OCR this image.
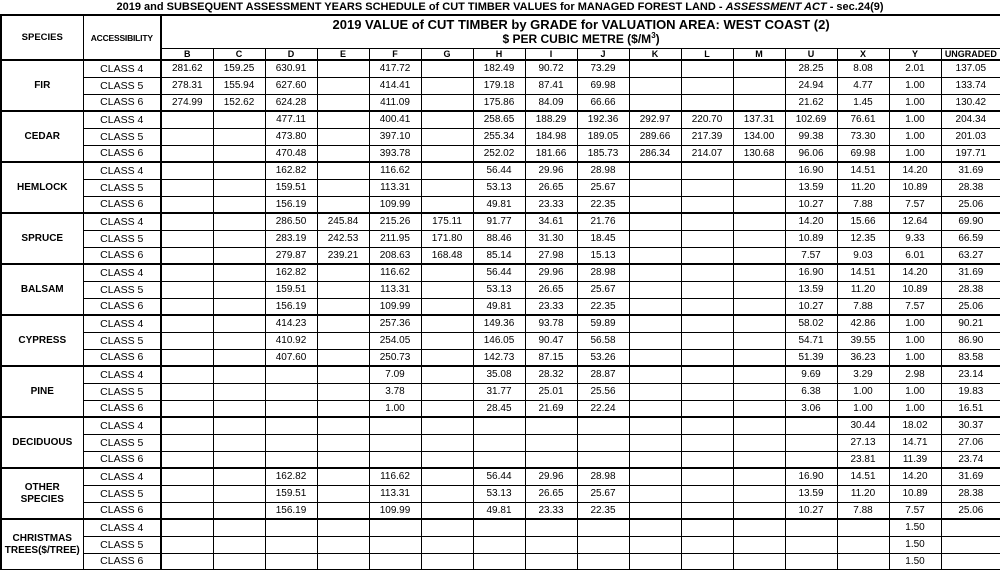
2019 and SUBSEQUENT ASSESSMENT YEARS SCHEDULE of CUT TIMBER VALUES for MANAGED FOREST LAND - ASSESSMENT ACT - sec.24(9)
SPECIES	ACCESSIBILITY	2019 VALUE of CUT TIMBER by GRADE for VALUATION AREA: WEST COAST (2)
$ PER CUBIC METRE $(\$/M^3)$															

		B	C	D	E	F	G	H	I	J	K	L	M	U	X	Y	UNGRADED
FIR	CLASS 4	281.62	159.25	630.91		417.72		182.49	90.72	73.29				28.25	8.08	2.01	137.05
	CLASS 5	278.31	155.94	627.60		414.41		179.18	87.41	69.98				24.94	4.77	1.00	133.74
	CLASS 6	274.99	152.62	624.28		411.09		175.86	84.09	66.66				21.62	1.45	1.00	130.42
CEDAR	CLASS 4			477.11		400.41		258.65	188.29	192.36	292.97	220.70	137.31	102.69	76.61	1.00	204.34
	CLASS 5			473.80		397.10		255.34	184.98	189.05	289.66	217.39	134.00	99.38	73.30	1.00	201.03
	CLASS 6			470.48		393.78		252.02	181.66	185.73	286.34	214.07	130.68	96.06	69.98	1.00	197.71
HEMLOCK	CLASS 4			162.82		116.62		56.44	29.96	28.98				16.90	14.51	14.20	31.69
	CLASS 5			159.51		113.31		53.13	26.65	25.67				13.59	11.20	10.89	28.38
	CLASS 6			156.19		109.99		49.81	23.33	22.35				10.27	7.88	7.57	25.06
SPRUCE	CLASS 4			286.50	245.84	215.26	175.11	91.77	34.61	21.76				14.20	15.66	12.64	69.90
	CLASS 5			283.19	242.53	211.95	171.80	88.46	31.30	18.45				10.89	12.35	9.33	66.59
	CLASS 6			279.87	239.21	208.63	168.48	85.14	27.98	15.13				7.57	9.03	6.01	63.27
BALSAM	CLASS 4			162.82		116.62		56.44	29.96	28.98				16.90	14.51	14.20	31.69
	CLASS 5			159.51		113.31		53.13	26.65	25.67				13.59	11.20	10.89	28.38
	CLASS 6			156.19		109.99		49.81	23.33	22.35				10.27	7.88	7.57	25.06
CYPRESS	CLASS 4			414.23		257.36		149.36	93.78	59.89				58.02	42.86	1.00	90.21
	CLASS 5			410.92		254.05		146.05	90.47	56.58				54.71	39.55	1.00	86.90
	CLASS 6			407.60		250.73		142.73	87.15	53.26				51.39	36.23	1.00	83.58
PINE	CLASS 4					7.09		35.08	28.32	28.87				9.69	3.29	2.98	23.14
	CLASS 5					3.78		31.77	25.01	25.56				6.38	1.00	1.00	19.83
	CLASS 6					1.00		28.45	21.69	22.24				3.06	1.00	1.00	16.51
DECIDUOUS	CLASS 4														30.44	18.02	30.37
	CLASS 5														27.13	14.71	27.06
	CLASS 6														23.81	11.39	23.74
OTHER SPECIES	CLASS 4			162.82		116.62		56.44	29.96	28.98				16.90	14.51	14.20	31.69
	CLASS 5			159.51		113.31		53.13	26.65	25.67				13.59	11.20	10.89	28.38
	CLASS 6			156.19		109.99		49.81	23.33	22.35				10.27	7.88	7.57	25.06
CHRISTMAS TREES($/TREE)	CLASS 4															1.50	
	CLASS 5															1.50	
	CLASS 6															1.50	
